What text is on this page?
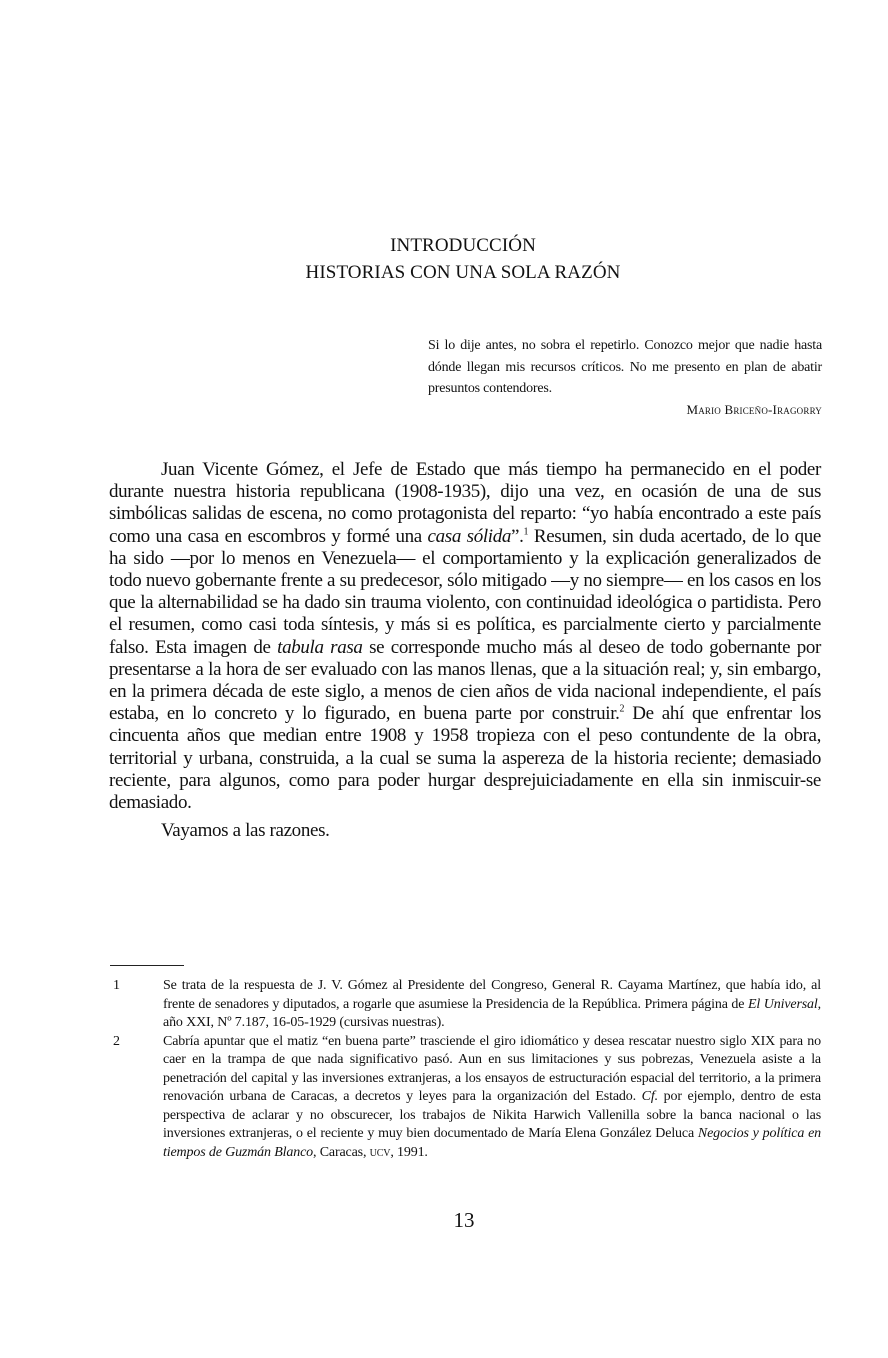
INTRODUCCIÓN
HISTORIAS CON UNA SOLA RAZÓN
Si lo dije antes, no sobra el repetirlo. Conozco mejor que nadie hasta dónde llegan mis recursos críticos. No me presento en plan de abatir presuntos contendores.
Mario Briceño-Iragorry

Juan Vicente Gómez, el Jefe de Estado que más tiempo ha permanecido en el poder durante nuestra historia republicana (1908-1935), dijo una vez, en ocasión de una de sus simbólicas salidas de escena, no como protagonista del reparto: “yo había encontrado a este país como una casa en escombros y formé una casa sólida”.$^1$ Resumen, sin duda acertado, de lo que ha sido —por lo menos en Venezuela— el comportamiento y la explicación generalizados de todo nuevo gobernante frente a su predecesor, sólo mitigado —y no siempre— en los casos en los que la alternabilidad se ha dado sin trauma violento, con continuidad ideológica o partidista. Pero el resumen, como casi toda síntesis, y más si es política, es parcialmente cierto y parcialmente falso. Esta imagen de tabula rasa se corresponde mucho más al deseo de todo gobernante por presentarse a la hora de ser evaluado con las manos llenas, que a la situación real; y, sin embargo, en la primera década de este siglo, a menos de cien años de vida nacional independiente, el país estaba, en lo concreto y lo figurado, en buena parte por construir.$^2$ De ahí que enfrentar los cincuenta años que median entre 1908 y 1958 tropieza con el peso contundente de la obra, territorial y urbana, construida, a la cual se suma la aspereza de la historia reciente; demasiado reciente, para algunos, como para poder hurgar desprejuiciadamente en ella sin inmiscuir-se demasiado.

Vayamos a las razones.

1	Se trata de la respuesta de J. V. Gómez al Presidente del Congreso, General R. Cayama Martínez, que había ido, al frente de senadores y diputados, a rogarle que asumiese la Presidencia de la República. Primera página de El Universal, año XXI, Nº 7.187, 16-05-1929 (cursivas nuestras).
2	Cabría apuntar que el matiz “en buena parte” trasciende el giro idiomático y desea rescatar nuestro siglo XIX para no caer en la trampa de que nada significativo pasó. Aun en sus limitaciones y sus pobrezas, Venezuela asiste a la penetración del capital y las inversiones extranjeras, a los ensayos de estructuración espacial del territorio, a la primera renovación urbana de Caracas, a decretos y leyes para la organización del Estado. Cf. por ejemplo, dentro de esta perspectiva de aclarar y no obscurecer, los trabajos de Nikita Harwich Vallenilla sobre la banca nacional o las inversiones extranjeras, o el reciente y muy bien documentado de María Elena González Deluca Negocios y política en tiempos de Guzmán Blanco, Caracas, ucv, 1991.
13
